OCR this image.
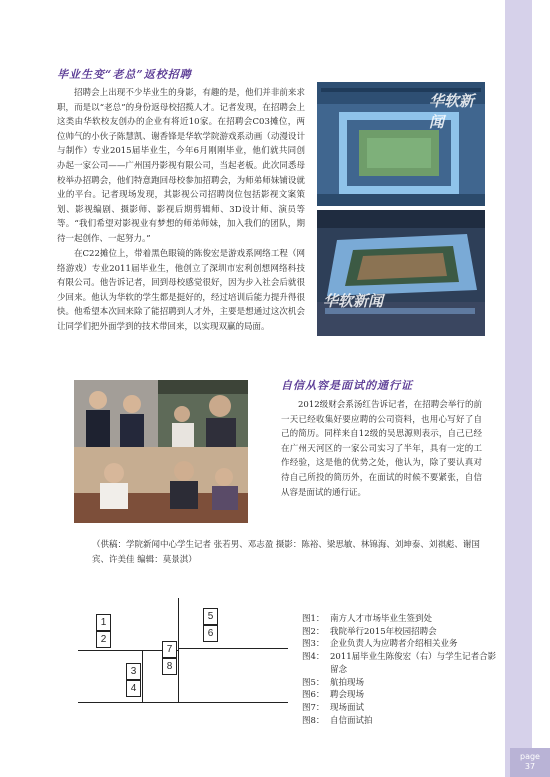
毕业生变“老总”返校招聘
招聘会上出现不少毕业生的身影，有趣的是，他们并非前来求职，而是以“老总”的身份返母校招揽人才。记者发现，在招聘会上这类由华软校友创办的企业有将近10家。在招聘会C03摊位，两位帅气的小伙子陈慧凯、谢香锋是华软学院游戏系动画（动漫设计与制作）专业2015届毕业生，今年6月刚刚毕业，他们就共同创办起一家公司——广州国丹影视有限公司，当起老板。此次同悉母校举办招聘会，他们特意跑回母校参加招聘会，为师弟师妹铺设就业的平台。记者现场发现，其影视公司招聘岗位包括影视文案策划、影视编剧、摄影师、影视后期剪辑师、3D设计师、演员等等。“我们希望对影视业有梦想的师弟师妹，加入我们的团队，期待一起创作、一起努力。”
在C22摊位上，带着黑色眼镜的陈俊宏是游戏系网络工程（网络游戏）专业2011届毕业生，他创立了深圳市宏利创想网络科技有限公司。他告诉记者，回到母校感觉很好，因为步入社会后就很少回来。他认为华软的学生都是挺好的，经过培训后能力提升得很快。他希望本次回来除了能招聘到人才外，主要是想通过这次机会让同学们把外面学到的技术带回来，以实现双赢的局面。
华软新闻
华软新闻
自信从容是面试的通行证
2012级财会系汤红告诉记者，在招聘会举行的前一天已经收集好要应聘的公司资料，也用心写好了自己的简历。同样来自12级的吴思源则表示，自己已经在广州天河区的一家公司实习了半年，具有一定的工作经验，这是他的优势之处，他认为，除了要认真对待自己所投的简历外，在面试的时候不要紧张，自信从容是面试的通行证。
（供稿：学院新闻中心学生记者 张若男、邓志盈 摄影：陈裕、梁思敏、林锦海、刘坤泰、刘祺彪、谢国宾、许美佳 编辑：莫景淇）
1
2
3
4
5
6
7
8
图1： 南方人才市场毕业生签到处
图2： 我院举行2015年校园招聘会
图3： 企业负责人为应聘者介绍相关业务
图4： 2011届毕业生陈俊宏（右）与学生记者合影留念
图5： 航拍现场
图6： 聘会现场
图7： 现场面试
图8： 自信面试拍
page
37
